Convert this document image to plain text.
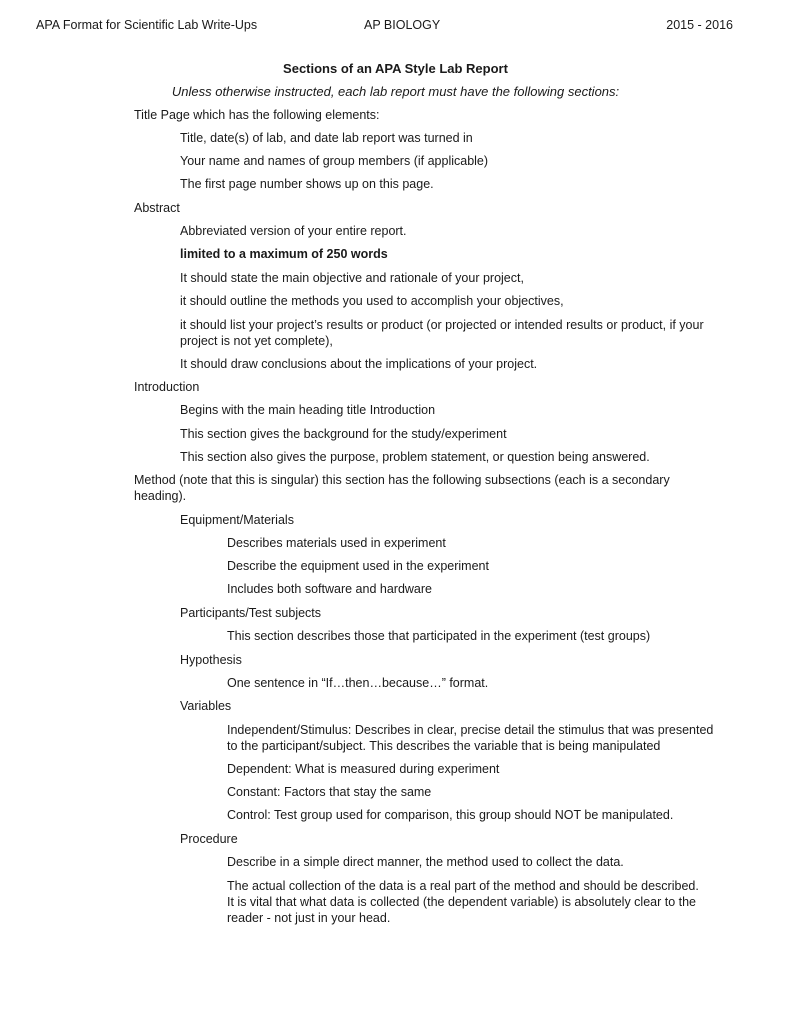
APA Format for Scientific Lab Write-Ups	AP BIOLOGY	2015 - 2016
Sections of an APA Style Lab Report
Unless otherwise instructed, each lab report must have the following sections:
Title Page which has the following elements:
Title, date(s) of lab, and date lab report was turned in
Your name and names of group members (if applicable)
The first page number shows up on this page.
Abstract
Abbreviated version of your entire report.
limited to a maximum of 250 words
It should state the main objective and rationale of your project,
it should outline the methods you used to accomplish your objectives,
it should list your project’s results or product (or projected or intended results or product, if your
project is not yet complete),
It should draw conclusions about the implications of your project.
Introduction
Begins with the main heading title Introduction
This section gives the background for the study/experiment
This section also gives the purpose, problem statement, or question being answered.
Method (note that this is singular) this section has the following subsections (each is a secondary
heading).
Equipment/Materials
Describes materials used in experiment
Describe the equipment used in the experiment
Includes both software and hardware
Participants/Test subjects
This section describes those that participated in the experiment (test groups)
Hypothesis
One sentence in “If…then…because…” format.
Variables
Independent/Stimulus: Describes in clear, precise detail the stimulus that was presented
to the participant/subject. This describes the variable that is being manipulated
Dependent: What is measured during experiment
Constant: Factors that stay the same
Control: Test group used for comparison, this group should NOT be manipulated.
Procedure
Describe in a simple direct manner, the method used to collect the data.
The actual collection of the data is a real part of the method and should be described.
It is vital that what data is collected (the dependent variable) is absolutely clear to the
reader - not just in your head.
